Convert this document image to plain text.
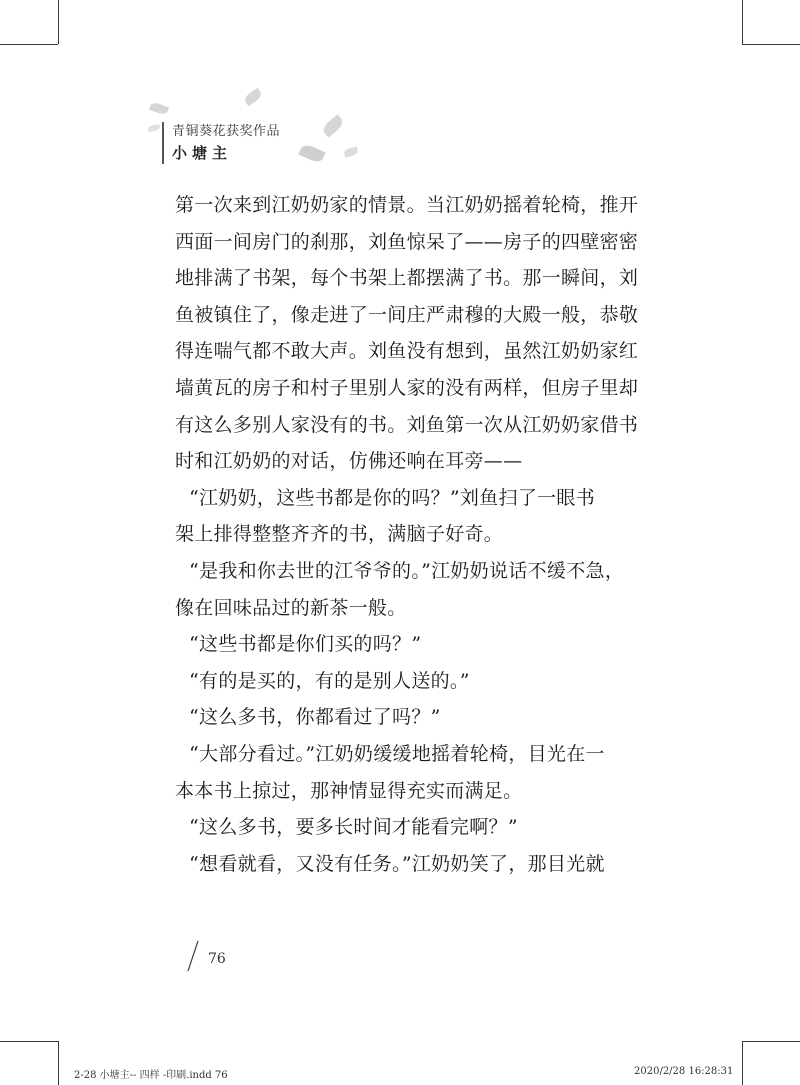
青铜葵花获奖作品
小塘主
第一次来到江奶奶家的情景。当江奶奶摇着轮椅，推开
西面一间房门的刹那，刘鱼惊呆了——房子的四壁密密
地排满了书架，每个书架上都摆满了书。那一瞬间，刘
鱼被镇住了，像走进了一间庄严肃穆的大殿一般，恭敬
得连喘气都不敢大声。刘鱼没有想到，虽然江奶奶家红
墙黄瓦的房子和村子里别人家的没有两样，但房子里却
有这么多别人家没有的书。刘鱼第一次从江奶奶家借书
时和江奶奶的对话，仿佛还响在耳旁——
“江奶奶，这些书都是你的吗？”刘鱼扫了一眼书
架上排得整整齐齐的书，满脑子好奇。
“是我和你去世的江爷爷的。”江奶奶说话不缓不急，
像在回味品过的新茶一般。
“这些书都是你们买的吗？”
“有的是买的，有的是别人送的。”
“这么多书，你都看过了吗？”
“大部分看过。”江奶奶缓缓地摇着轮椅，目光在一
本本书上掠过，那神情显得充实而满足。
“这么多书，要多长时间才能看完啊？”
“想看就看，又没有任务。”江奶奶笑了，那目光就
76
2-28 小塘主-- 四样 -印刷.indd 76	2020/2/28 16:28:31
